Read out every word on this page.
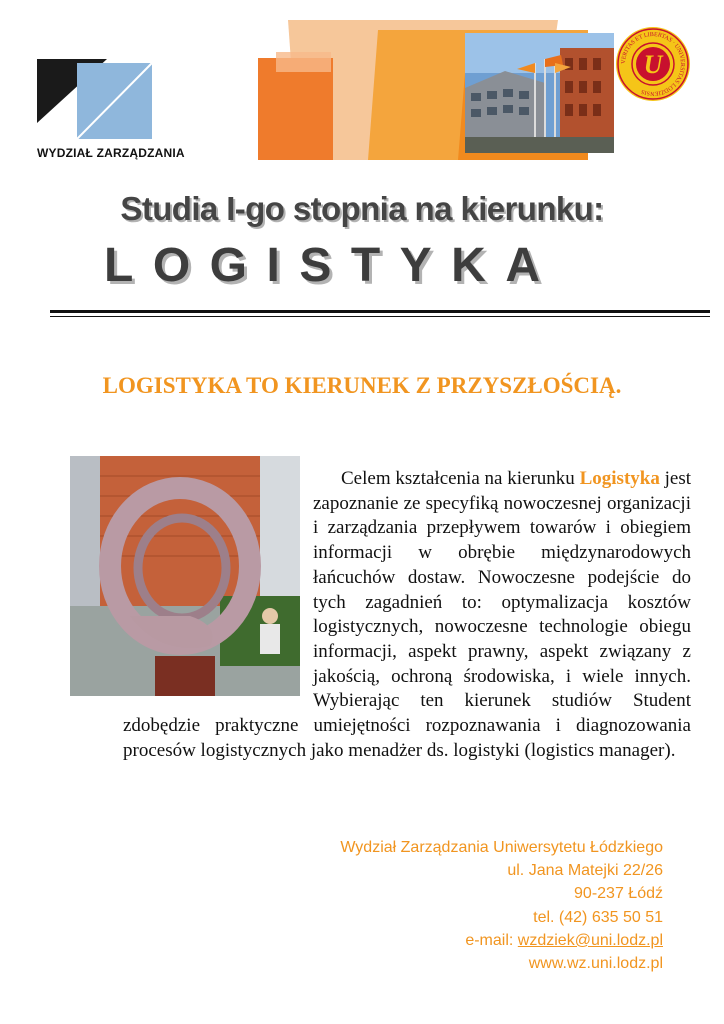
WYDZIAŁ ZARZĄDZANIA
U
VERITAS ET LIBERTAS · UNIVERSITAS LODZIENSIS
Studia I-go stopnia na kierunku:
LOGISTYKA
LOGISTYKA TO KIERUNEK Z PRZYSZŁOŚCIĄ.
Celem kształcenia na kierunku Logistyka jest zapoznanie ze specyfiką nowoczesnej organizacji i zarządzania przepływem towarów i obiegiem informacji w obrębie międzynarodowych łańcuchów dostaw. Nowoczesne podejście do tych zagadnień to: optymalizacja kosztów logistycznych, nowoczesne technologie obiegu informacji, aspekt prawny, aspekt związany z jakością, ochroną środowiska, i wiele innych. Wybierając ten kierunek studiów Student zdobędzie praktyczne umiejętności rozpoznawania i diagnozowania procesów logistycznych jako menadżer ds. logistyki (logistics manager).
Wydział Zarządzania Uniwersytetu Łódzkiego
ul. Jana Matejki 22/26
90-237 Łódź
tel. (42) 635 50 51
e-mail: wzdziek@uni.lodz.pl
www.wz.uni.lodz.pl
